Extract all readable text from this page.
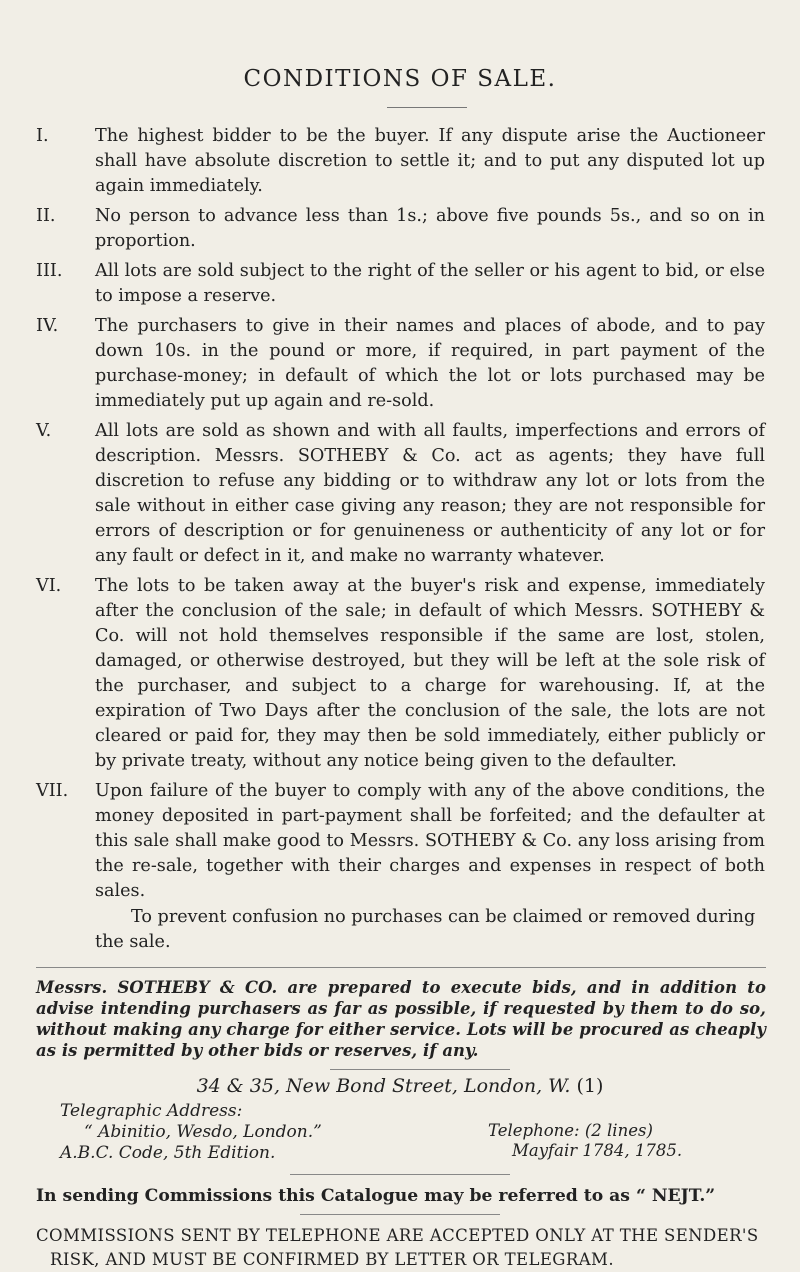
CONDITIONS OF SALE.
I.	The highest bidder to be the buyer. If any dispute arise the Auctioneer shall have absolute discretion to settle it; and to put any disputed lot up again immediately.
II.	No person to advance less than 1s.; above five pounds 5s., and so on in proportion.
III.	All lots are sold subject to the right of the seller or his agent to bid, or else to impose a reserve.
IV.	The purchasers to give in their names and places of abode, and to pay down 10s. in the pound or more, if required, in part payment of the purchase-money; in default of which the lot or lots purchased may be immediately put up again and re-sold.
V.	All lots are sold as shown and with all faults, imperfections and errors of description. Messrs. SOTHEBY & Co. act as agents; they have full discretion to refuse any bidding or to withdraw any lot or lots from the sale without in either case giving any reason; they are not responsible for errors of description or for genuineness or authenticity of any lot or for any fault or defect in it, and make no warranty whatever.
VI.	The lots to be taken away at the buyer's risk and expense, immediately after the conclusion of the sale; in default of which Messrs. SOTHEBY & Co. will not hold themselves responsible if the same are lost, stolen, damaged, or otherwise destroyed, but they will be left at the sole risk of the purchaser, and subject to a charge for warehousing. If, at the expiration of Two Days after the conclusion of the sale, the lots are not cleared or paid for, they may then be sold immediately, either publicly or by private treaty, without any notice being given to the defaulter.
VII.	Upon failure of the buyer to comply with any of the above conditions, the money deposited in part-payment shall be forfeited; and the defaulter at this sale shall make good to Messrs. SOTHEBY & Co. any loss arising from the re-sale, together with their charges and expenses in respect of both sales.
To prevent confusion no purchases can be claimed or removed during the sale.
Messrs. SOTHEBY & CO. are prepared to execute bids, and in addition to advise intending purchasers as far as possible, if requested by them to do so, without making any charge for either service. Lots will be procured as cheaply as is permitted by other bids or reserves, if any.
34 & 35, New Bond Street, London, W. (1)
Telegraphic Address:
“ Abinitio, Wesdo, London.”
A.B.C. Code, 5th Edition.
Telephone: (2 lines)
Mayfair 1784, 1785.
In sending Commissions this Catalogue may be referred to as “ NEJT.”
COMMISSIONS SENT BY TELEPHONE ARE ACCEPTED ONLY AT THE SENDER'S
RISK, AND MUST BE CONFIRMED BY LETTER OR TELEGRAM.
